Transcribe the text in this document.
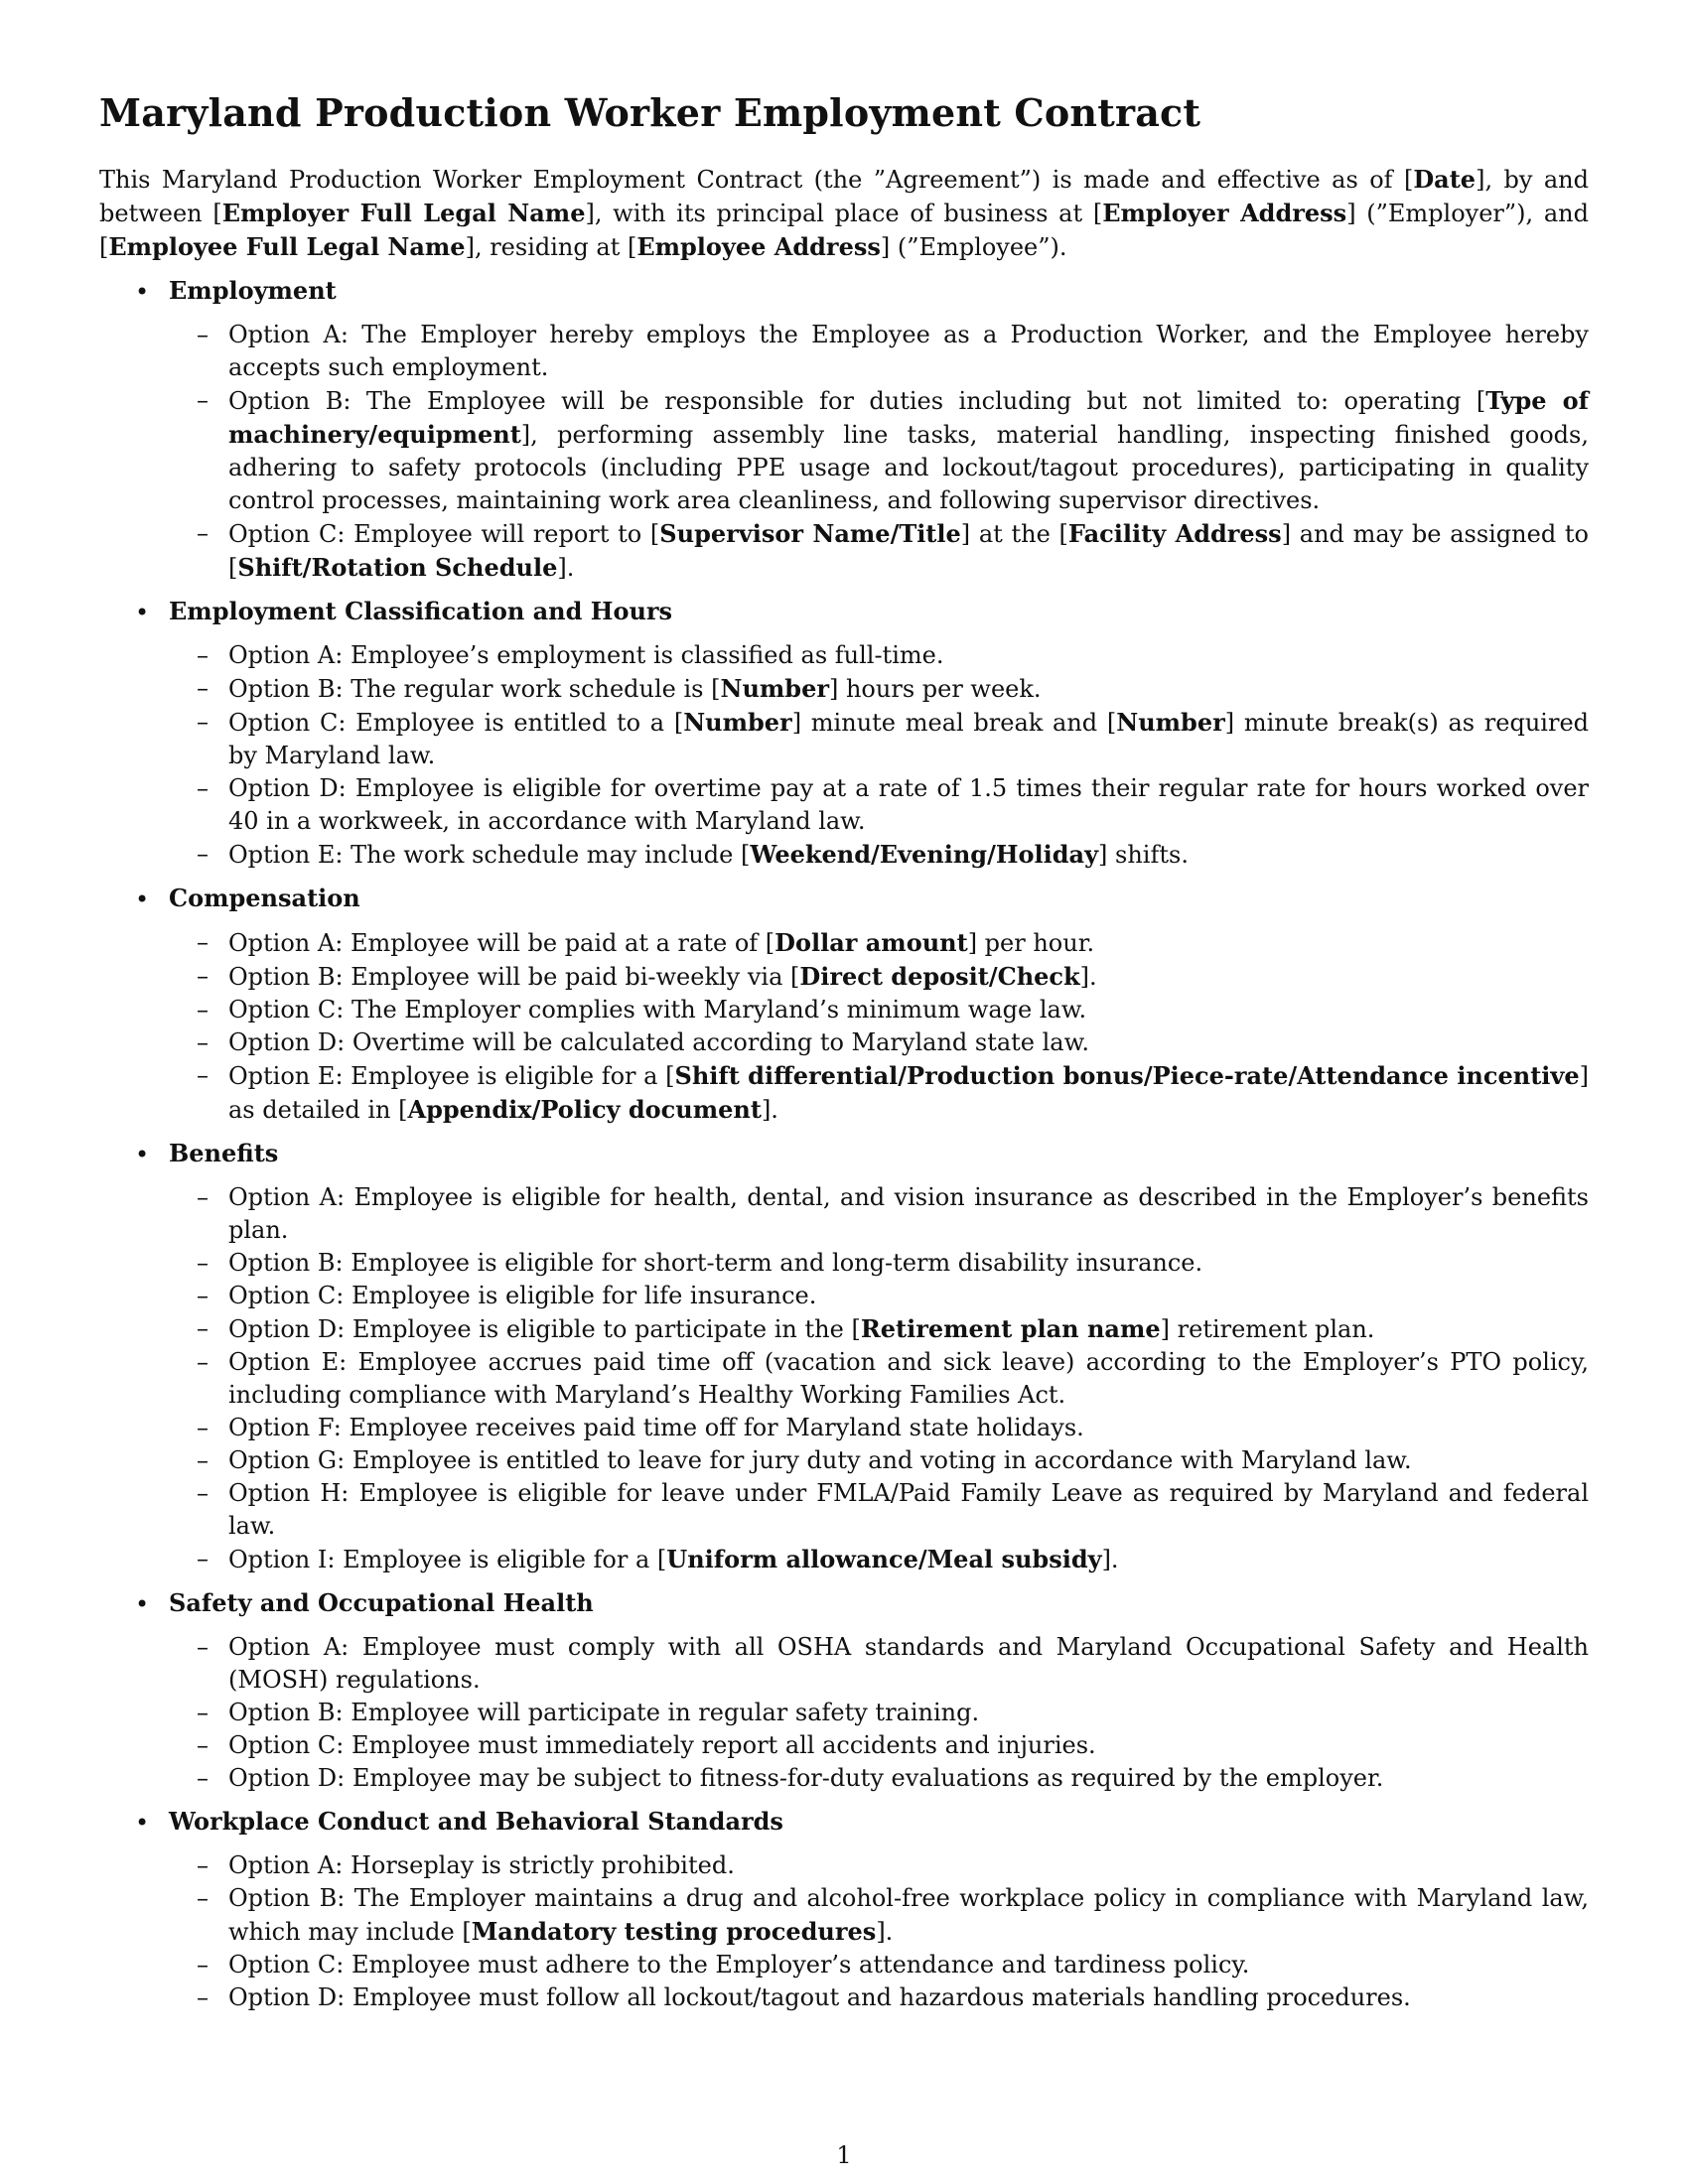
Maryland Production Worker Employment Contract

This Maryland Production Worker Employment Contract (the ”Agreement”) is made and effective as of [Date], by and between [Employer Full Legal Name], with its principal place of business at [Employer Address] (”Employer”), and [Employee Full Legal Name], residing at [Employee Address] (”Employee”).

• Employment
– Option A: The Employer hereby employs the Employee as a Production Worker, and the Employee hereby accepts such employment.
– Option B: The Employee will be responsible for duties including but not limited to: operating [Type of machinery/equipment], performing assembly line tasks, material handling, inspecting finished goods, adhering to safety protocols (including PPE usage and lockout/tagout procedures), participating in quality control processes, maintaining work area cleanliness, and following supervisor directives.
– Option C: Employee will report to [Supervisor Name/Title] at the [Facility Address] and may be assigned to [Shift/Rotation Schedule].
• Employment Classification and Hours
– Option A: Employee’s employment is classified as full-time.
– Option B: The regular work schedule is [Number] hours per week.
– Option C: Employee is entitled to a [Number] minute meal break and [Number] minute break(s) as required by Maryland law.
– Option D: Employee is eligible for overtime pay at a rate of 1.5 times their regular rate for hours worked over 40 in a workweek, in accordance with Maryland law.
– Option E: The work schedule may include [Weekend/Evening/Holiday] shifts.
• Compensation
– Option A: Employee will be paid at a rate of [Dollar amount] per hour.
– Option B: Employee will be paid bi-weekly via [Direct deposit/Check].
– Option C: The Employer complies with Maryland’s minimum wage law.
– Option D: Overtime will be calculated according to Maryland state law.
– Option E: Employee is eligible for a [Shift differential/Production bonus/Piece-rate/Attendance incentive] as detailed in [Appendix/Policy document].
• Benefits
– Option A: Employee is eligible for health, dental, and vision insurance as described in the Employer’s benefits plan.
– Option B: Employee is eligible for short-term and long-term disability insurance.
– Option C: Employee is eligible for life insurance.
– Option D: Employee is eligible to participate in the [Retirement plan name] retirement plan.
– Option E: Employee accrues paid time off (vacation and sick leave) according to the Employer’s PTO policy, including compliance with Maryland’s Healthy Working Families Act.
– Option F: Employee receives paid time off for Maryland state holidays.
– Option G: Employee is entitled to leave for jury duty and voting in accordance with Maryland law.
– Option H: Employee is eligible for leave under FMLA/Paid Family Leave as required by Maryland and federal law.
– Option I: Employee is eligible for a [Uniform allowance/Meal subsidy].
• Safety and Occupational Health
– Option A: Employee must comply with all OSHA standards and Maryland Occupational Safety and Health (MOSH) regulations.
– Option B: Employee will participate in regular safety training.
– Option C: Employee must immediately report all accidents and injuries.
– Option D: Employee may be subject to fitness-for-duty evaluations as required by the employer.
• Workplace Conduct and Behavioral Standards
– Option A: Horseplay is strictly prohibited.
– Option B: The Employer maintains a drug and alcohol-free workplace policy in compliance with Maryland law, which may include [Mandatory testing procedures].
– Option C: Employee must adhere to the Employer’s attendance and tardiness policy.
– Option D: Employee must follow all lockout/tagout and hazardous materials handling procedures.
1
